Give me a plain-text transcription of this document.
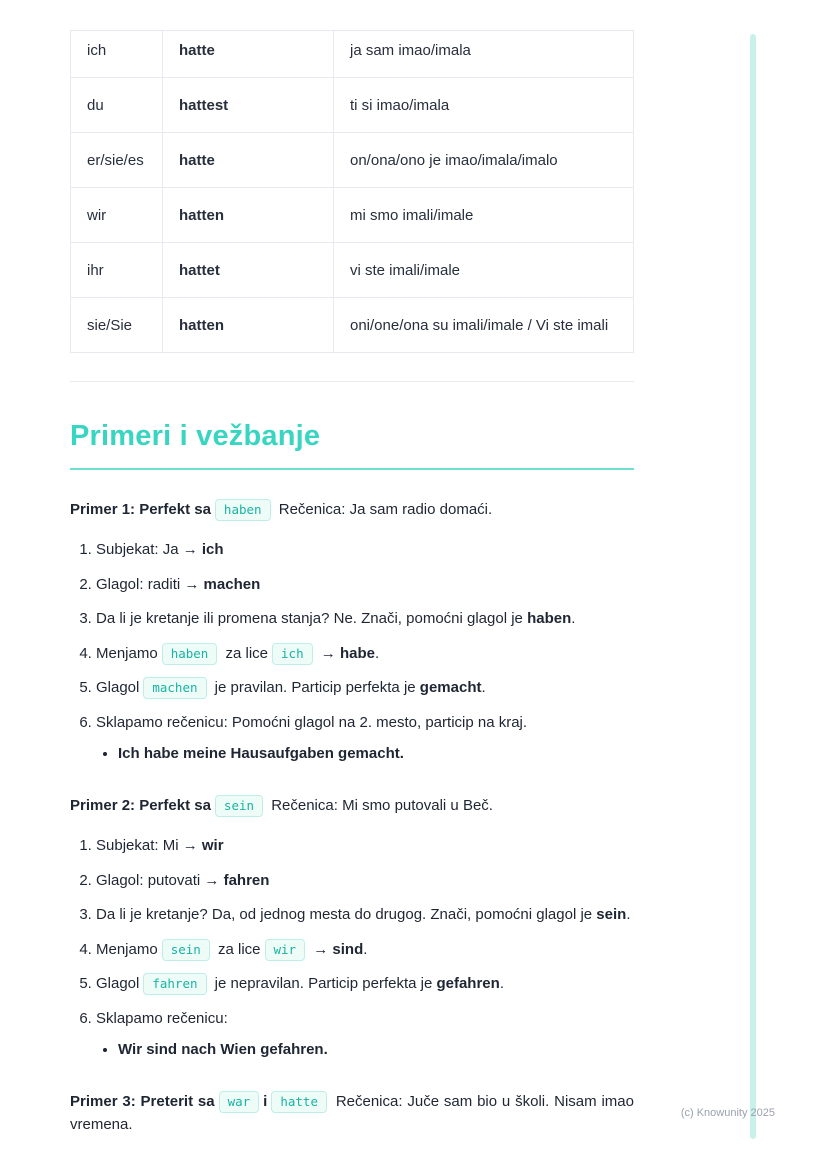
ich	hatte	ja sam imao/imala
du	hattest	ti si imao/imala
er/sie/es	hatte	on/ona/ono je imao/imala/imalo
wir	hatten	mi smo imali/imale
ihr	hattet	vi ste imali/imale
sie/Sie	hatten	oni/one/ona su imali/imale / Vi ste imali
Primeri i vežbanje

Primer 1: Perfekt sa haben Rečenica: Ja sam radio domaći.

1. Subjekat: Ja → ich
2. Glagol: raditi → machen
3. Da li je kretanje ili promena stanja? Ne. Znači, pomoćni glagol je haben.
4. Menjamo haben za lice ich → habe.
5. Glagol machen je pravilan. Particip perfekta je gemacht.
6. Sklapamo rečenicu: Pomoćni glagol na 2. mesto, particip na kraj.
• Ich habe meine Hausaufgaben gemacht.

Primer 2: Perfekt sa sein Rečenica: Mi smo putovali u Beč.

1. Subjekat: Mi → wir
2. Glagol: putovati → fahren
3. Da li je kretanje? Da, od jednog mesta do drugog. Znači, pomoćni glagol je sein.
4. Menjamo sein za lice wir → sind.
5. Glagol fahren je nepravilan. Particip perfekta je gefahren.
6. Sklapamo rečenicu:
• Wir sind nach Wien gefahren.

Primer 3: Preterit sa war i hatte Rečenica: Juče sam bio u školi. Nisam imao vremena.

(c) Knowunity 2025
